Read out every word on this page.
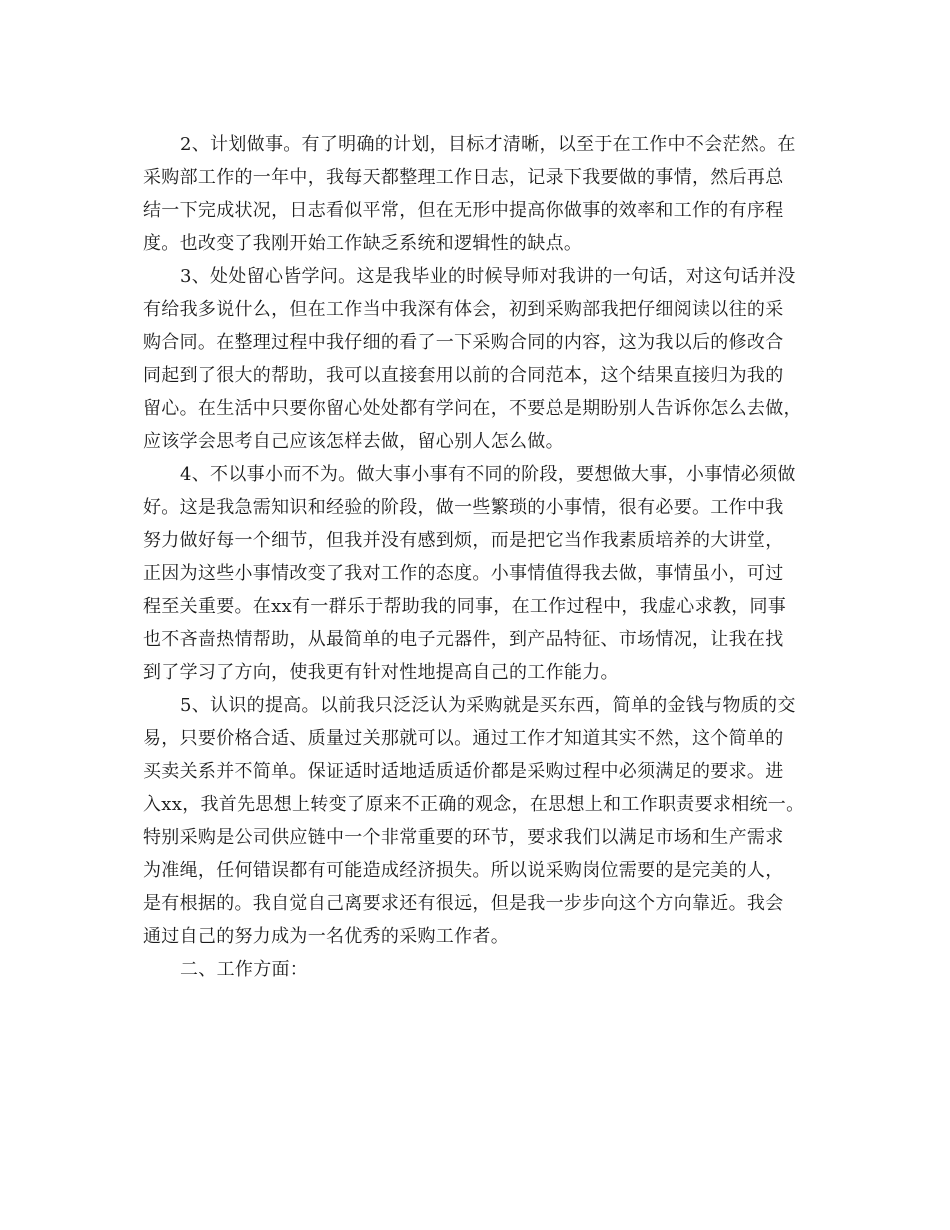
2、计划做事。有了明确的计划，目标才清晰，以至于在工作中不会茫然。在
采购部工作的一年中，我每天都整理工作日志，记录下我要做的事情，然后再总
结一下完成状况，日志看似平常，但在无形中提高你做事的效率和工作的有序程
度。也改变了我刚开始工作缺乏系统和逻辑性的缺点。
3、处处留心皆学问。这是我毕业的时候导师对我讲的一句话，对这句话并没
有给我多说什么，但在工作当中我深有体会，初到采购部我把仔细阅读以往的采
购合同。在整理过程中我仔细的看了一下采购合同的内容，这为我以后的修改合
同起到了很大的帮助，我可以直接套用以前的合同范本，这个结果直接归为我的
留心。在生活中只要你留心处处都有学问在，不要总是期盼别人告诉你怎么去做，
应该学会思考自己应该怎样去做，留心别人怎么做。
4、不以事小而不为。做大事小事有不同的阶段，要想做大事，小事情必须做
好。这是我急需知识和经验的阶段，做一些繁琐的小事情，很有必要。工作中我
努力做好每一个细节，但我并没有感到烦，而是把它当作我素质培养的大讲堂，
正因为这些小事情改变了我对工作的态度。小事情值得我去做，事情虽小，可过
程至关重要。在xx有一群乐于帮助我的同事，在工作过程中，我虚心求教，同事
也不吝啬热情帮助，从最简单的电子元器件，到产品特征、市场情况，让我在找
到了学习了方向，使我更有针对性地提高自己的工作能力。
5、认识的提高。以前我只泛泛认为采购就是买东西，简单的金钱与物质的交
易，只要价格合适、质量过关那就可以。通过工作才知道其实不然，这个简单的
买卖关系并不简单。保证适时适地适质适价都是采购过程中必须满足的要求。进
入xx，我首先思想上转变了原来不正确的观念，在思想上和工作职责要求相统一。
特别采购是公司供应链中一个非常重要的环节，要求我们以满足市场和生产需求
为准绳，任何错误都有可能造成经济损失。所以说采购岗位需要的是完美的人，
是有根据的。我自觉自己离要求还有很远，但是我一步步向这个方向靠近。我会
通过自己的努力成为一名优秀的采购工作者。
二、工作方面：
